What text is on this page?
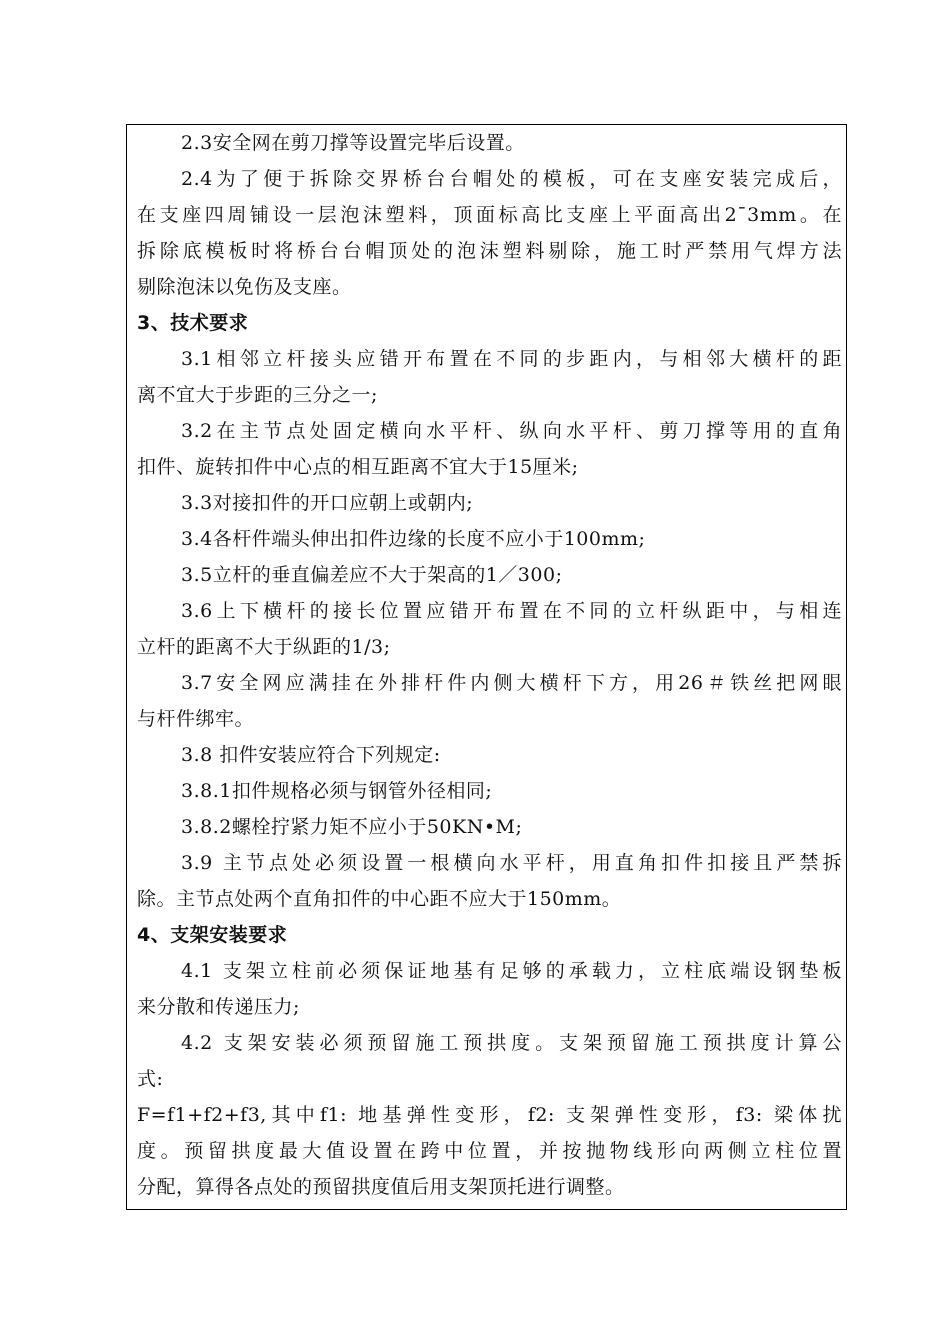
2.3安全网在剪刀撑等设置完毕后设置。
2.4为了便于拆除交界桥台台帽处的模板，可在支座安装完成后，
在支座四周铺设一层泡沫塑料，顶面标高比支座上平面高出2¯3mm。在
拆除底模板时将桥台台帽顶处的泡沫塑料剔除，施工时严禁用气焊方法
剔除泡沫以免伤及支座。
3、技术要求
3.1相邻立杆接头应错开布置在不同的步距内，与相邻大横杆的距
离不宜大于步距的三分之一;
3.2在主节点处固定横向水平杆、纵向水平杆、剪刀撑等用的直角
扣件、旋转扣件中心点的相互距离不宜大于15厘米;
3.3对接扣件的开口应朝上或朝内;
3.4各杆件端头伸出扣件边缘的长度不应小于100mm;
3.5立杆的垂直偏差应不大于架高的1／300;
3.6上下横杆的接长位置应错开布置在不同的立杆纵距中，与相连
立杆的距离不大于纵距的1/3;
3.7安全网应满挂在外排杆件内侧大横杆下方，用26＃铁丝把网眼
与杆件绑牢。
3.8 扣件安装应符合下列规定:
3.8.1扣件规格必须与钢管外径相同;
3.8.2螺栓拧紧力矩不应小于50KN•M;
3.9 主节点处必须设置一根横向水平杆，用直角扣件扣接且严禁拆
除。主节点处两个直角扣件的中心距不应大于150mm。
4、支架安装要求
4.1 支架立柱前必须保证地基有足够的承载力，立柱底端设钢垫板
来分散和传递压力;
4.2 支架安装必须预留施工预拱度。支架预留施工预拱度计算公
式:
F=f1+f2+f3,其中f1: 地基弹性变形，f2: 支架弹性变形，f3: 梁体扰
度。预留拱度最大值设置在跨中位置，并按抛物线形向两侧立柱位置
分配，算得各点处的预留拱度值后用支架顶托进行调整。
